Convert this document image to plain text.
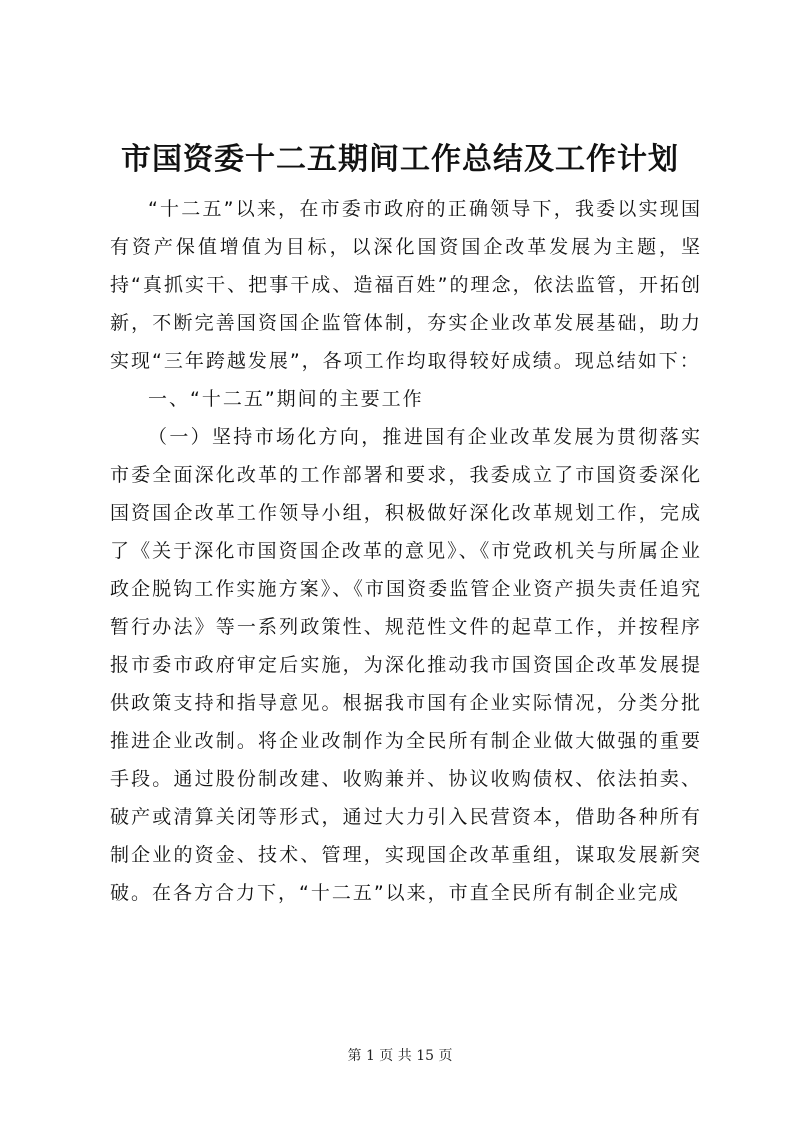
市国资委十二五期间工作总结及工作计划

“十二五”以来，在市委市政府的正确领导下，我委以实现国有资产保值增值为目标，以深化国资国企改革发展为主题，坚持“真抓实干、把事干成、造福百姓”的理念，依法监管，开拓创新，不断完善国资国企监管体制，夯实企业改革发展基础，助力实现“三年跨越发展”，各项工作均取得较好成绩。现总结如下：

一、“十二五”期间的主要工作

（一）坚持市场化方向，推进国有企业改革发展为贯彻落实市委全面深化改革的工作部署和要求，我委成立了市国资委深化国资国企改革工作领导小组，积极做好深化改革规划工作，完成了《关于深化市国资国企改革的意见》、《市党政机关与所属企业政企脱钩工作实施方案》、《市国资委监管企业资产损失责任追究暂行办法》等一系列政策性、规范性文件的起草工作，并按程序报市委市政府审定后实施，为深化推动我市国资国企改革发展提供政策支持和指导意见。根据我市国有企业实际情况，分类分批推进企业改制。将企业改制作为全民所有制企业做大做强的重要手段。通过股份制改建、收购兼并、协议收购债权、依法拍卖、破产或清算关闭等形式，通过大力引入民营资本，借助各种所有制企业的资金、技术、管理，实现国企改革重组，谋取发展新突破。在各方合力下，“十二五”以来，市直全民所有制企业完成

第 1 页 共 15 页
